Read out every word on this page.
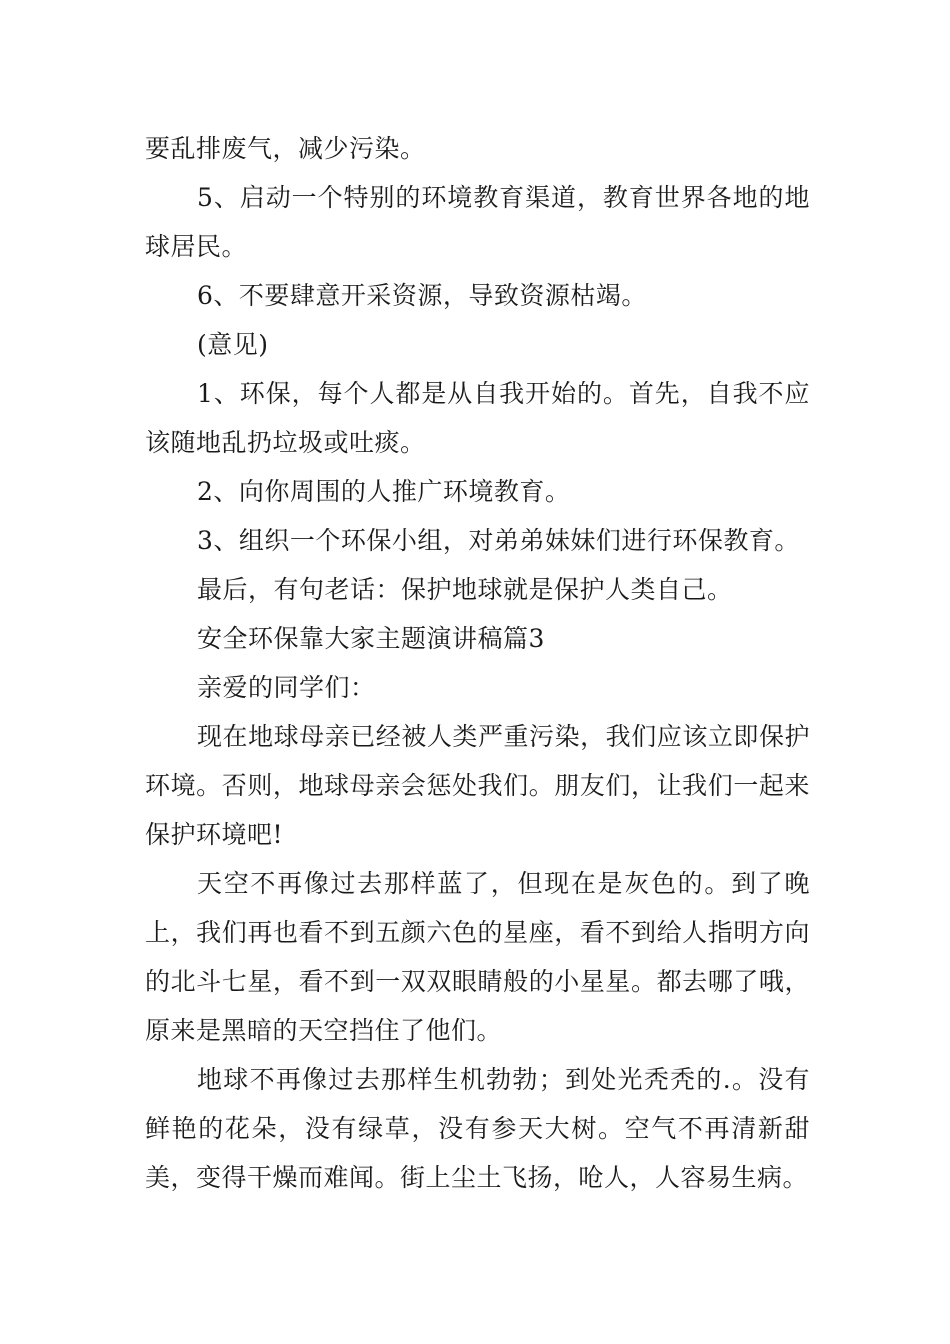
要乱排废气，减少污染。

5、启动一个特别的环境教育渠道，教育世界各地的地球居民。

6、不要肆意开采资源，导致资源枯竭。

(意见)

1、环保，每个人都是从自我开始的。首先，自我不应该随地乱扔垃圾或吐痰。

2、向你周围的人推广环境教育。

3、组织一个环保小组，对弟弟妹妹们进行环保教育。

最后，有句老话：保护地球就是保护人类自己。

安全环保靠大家主题演讲稿篇3

亲爱的同学们：

现在地球母亲已经被人类严重污染，我们应该立即保护环境。否则，地球母亲会惩处我们。朋友们，让我们一起来保护环境吧!

天空不再像过去那样蓝了，但现在是灰色的。到了晚上，我们再也看不到五颜六色的星座，看不到给人指明方向的北斗七星，看不到一双双眼睛般的小星星。都去哪了哦，原来是黑暗的天空挡住了他们。

地球不再像过去那样生机勃勃；到处光秃秃的.。没有鲜艳的花朵，没有绿草，没有参天大树。空气不再清新甜美，变得干燥而难闻。街上尘土飞扬，呛人，人容易生病。
